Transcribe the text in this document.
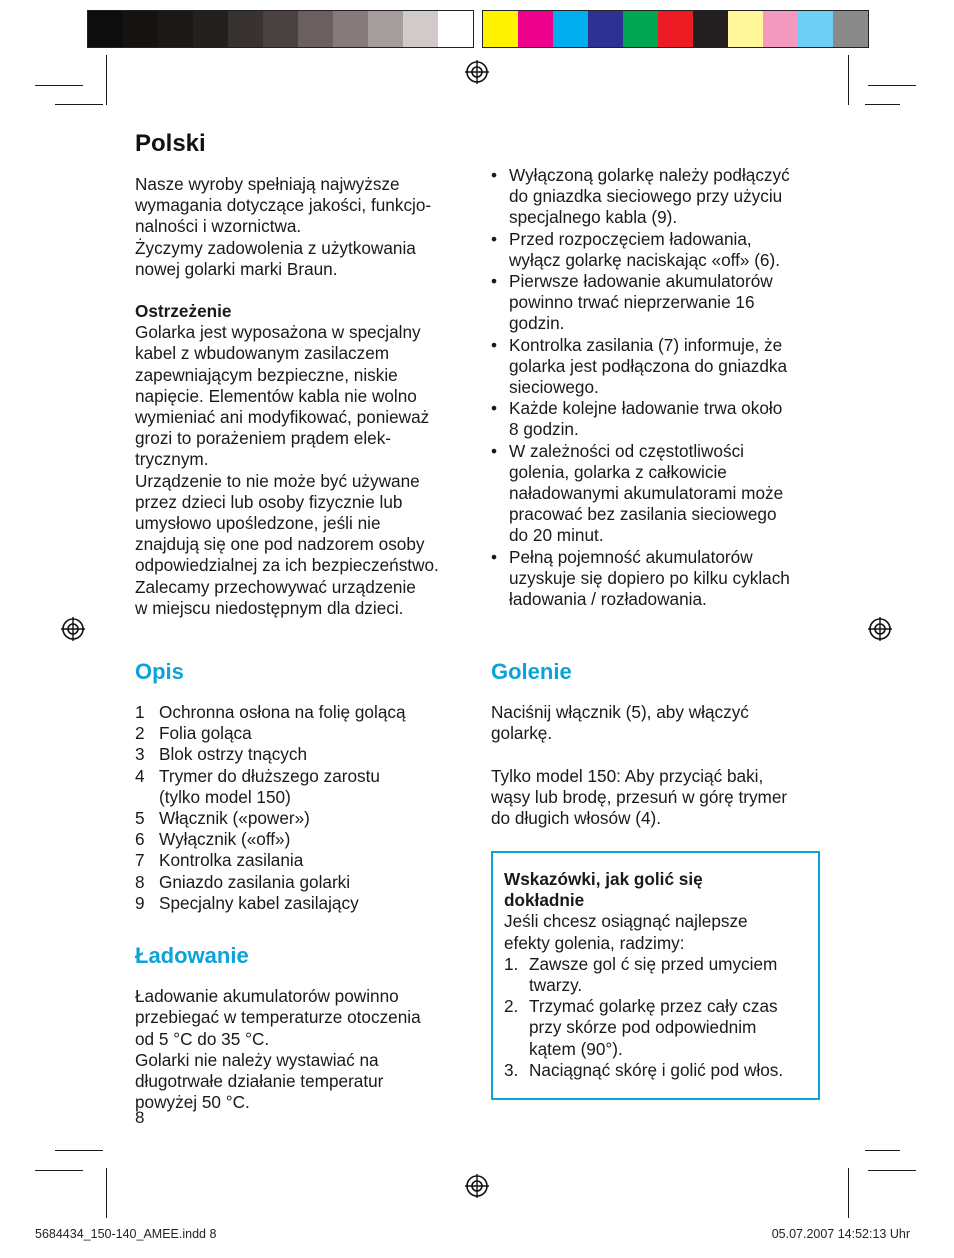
Polski
Nasze wyroby spełniają najwyższe
wymagania dotyczące jakości, funkcjo-
nalności i wzornictwa.
Życzymy zadowolenia z użytkowania
nowej golarki marki Braun.

Ostrzeżenie

Golarka jest wyposażona w specjalny
kabel z wbudowanym zasilaczem
zapewniającym bezpieczne, niskie
napięcie. Elementów kabla nie wolno
wymieniać ani modyfikować, ponieważ
grozi to porażeniem prądem elek-
trycznym.
Urządzenie to nie może być używane
przez dzieci lub osoby fizycznie lub
umysłowo upośledzone, jeśli nie
znajdują się one pod nadzorem osoby
odpowiedzialnej za ich bezpieczeństwo.
Zalecamy przechowywać urządzenie
w miejscu niedostępnym dla dzieci.
Opis
1 Ochronna osłona na folię golącą
2 Folia goląca
3 Blok ostrzy tnących
4 Trymer do dłuższego zarostu
(tylko model 150)
5 Włącznik («power»)
6 Wyłącznik («off»)
7 Kontrolka zasilania
8 Gniazdo zasilania golarki
9 Specjalny kabel zasilający
Ładowanie
Ładowanie akumulatorów powinno
przebiegać w temperaturze otoczenia
od 5 °C do 35 °C.
Golarki nie należy wystawiać na
długotrwałe działanie temperatur
powyżej 50 °C.
• Wyłączoną golarkę należy podłączyć
do gniazdka sieciowego przy użyciu
specjalnego kabla (9).
• Przed rozpoczęciem ładowania,
wyłącz golarkę naciskając «off» (6).
• Pierwsze ładowanie akumulatorów
powinno trwać nieprzerwanie 16
godzin.
• Kontrolka zasilania (7) informuje, że
golarka jest podłączona do gniazdka
sieciowego.
• Każde kolejne ładowanie trwa około
8 godzin.
• W zależności od częstotliwości
golenia, golarka z całkowicie
naładowanymi akumulatorami może
pracować bez zasilania sieciowego
do 20 minut.
• Pełną pojemność akumulatorów
uzyskuje się dopiero po kilku cyklach
ładowania / rozładowania.
Golenie
Naciśnij włącznik (5), aby włączyć
golarkę.
Tylko model 150: Aby przyciąć baki,
wąsy lub brodę, przesuń w górę trymer
do długich włosów (4).
Wskazówki, jak golić się
dokładnie
Jeśli chcesz osiągnąć najlepsze
efekty golenia, radzimy:
1. Zawsze gol ć się przed umyciem
twarzy.
2. Trzymać golarkę przez cały czas
przy skórze pod odpowiednim
kątem (90°).
3. Naciągnąć skórę i golić pod włos.
8
5684434_150-140_AMEE.indd 8	05.07.2007 14:52:13 Uhr
